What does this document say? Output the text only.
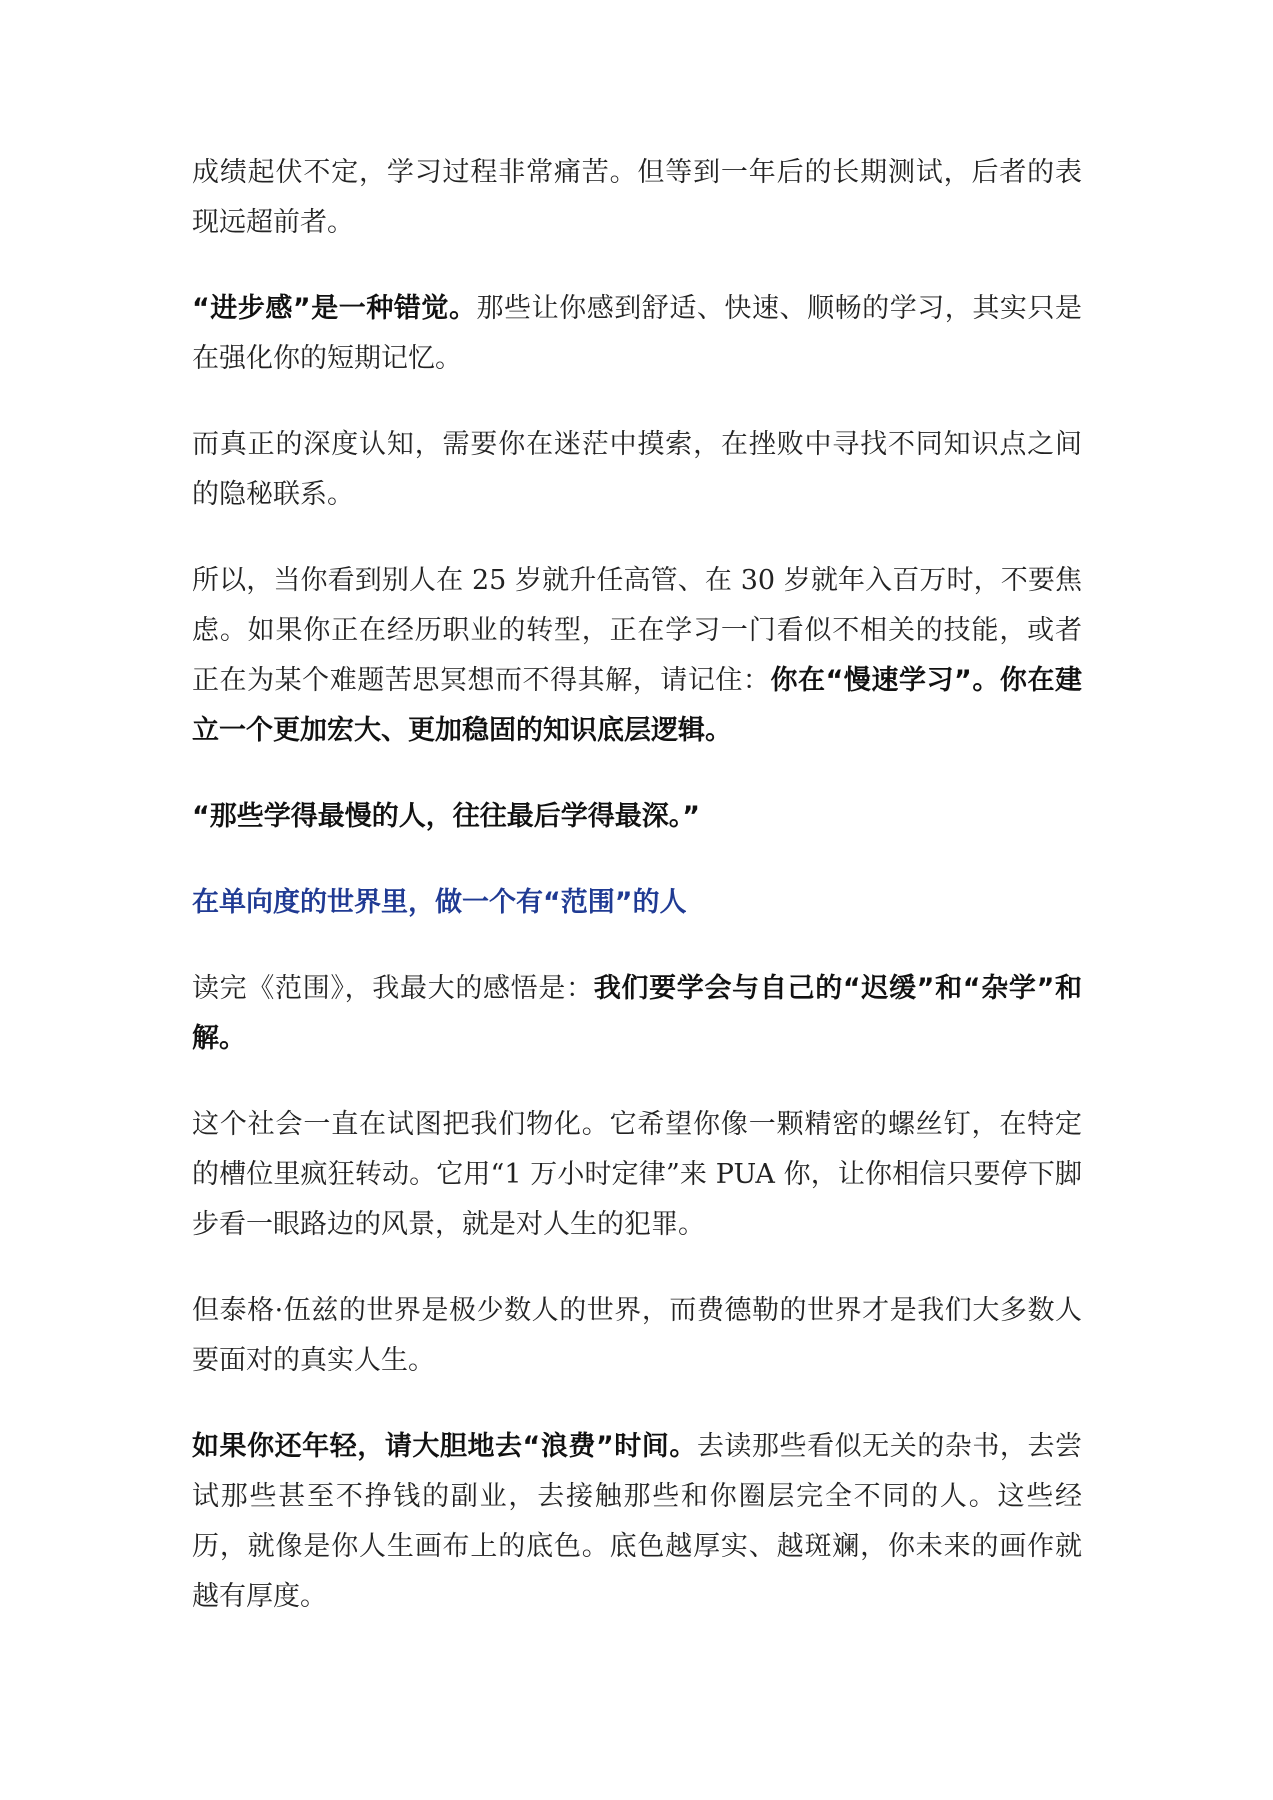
成绩起伏不定，学习过程非常痛苦。但等到一年后的长期测试，后者的表现远超前者。

“进步感”是一种错觉。那些让你感到舒适、快速、顺畅的学习，其实只是在强化你的短期记忆。

而真正的深度认知，需要你在迷茫中摸索，在挫败中寻找不同知识点之间的隐秘联系。

所以，当你看到别人在 25 岁就升任高管、在 30 岁就年入百万时，不要焦虑。如果你正在经历职业的转型，正在学习一门看似不相关的技能，或者正在为某个难题苦思冥想而不得其解，请记住：你在“慢速学习”。你在建立一个更加宏大、更加稳固的知识底层逻辑。

“那些学得最慢的人，往往最后学得最深。”

在单向度的世界里，做一个有“范围”的人

读完《范围》，我最大的感悟是：我们要学会与自己的“迟缓”和“杂学”和解。

这个社会一直在试图把我们物化。它希望你像一颗精密的螺丝钉，在特定的槽位里疯狂转动。它用“1 万小时定律”来 PUA 你，让你相信只要停下脚步看一眼路边的风景，就是对人生的犯罪。

但泰格·伍兹的世界是极少数人的世界，而费德勒的世界才是我们大多数人要面对的真实人生。

如果你还年轻，请大胆地去“浪费”时间。去读那些看似无关的杂书，去尝试那些甚至不挣钱的副业，去接触那些和你圈层完全不同的人。这些经历，就像是你人生画布上的底色。底色越厚实、越斑斓，你未来的画作就越有厚度。
